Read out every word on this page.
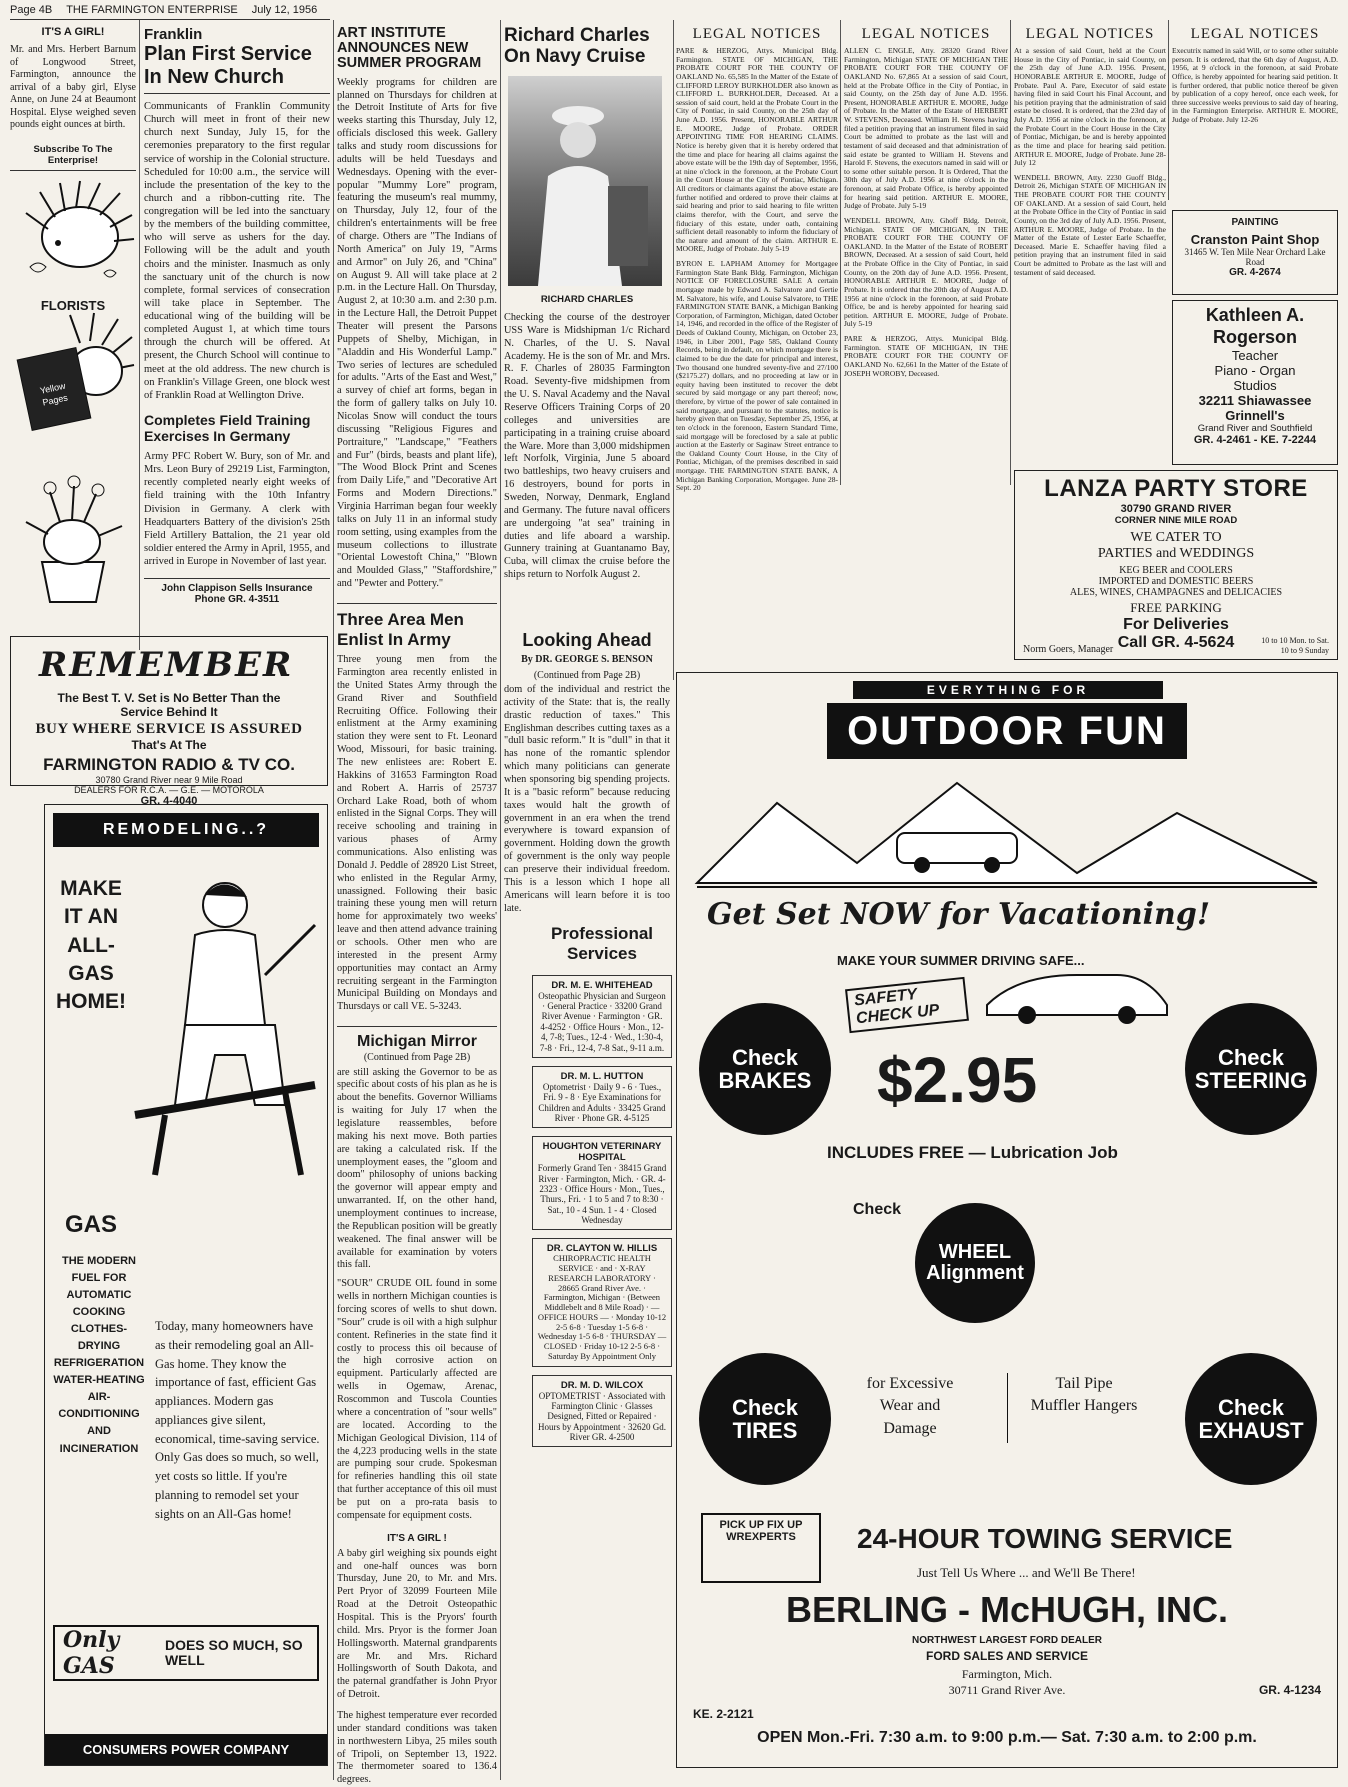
Page 4B THE FARMINGTON ENTERPRISE July 12, 1956
IT'S A GIRL!

Mr. and Mrs. Herbert Barnum of Longwood Street, Farmington, announce the arrival of a baby girl, Elyse Anne, on June 24 at Beaumont Hospital. Elyse weighed seven pounds eight ounces at birth.

Subscribe To The Enterprise!
FLORISTS
Yellow
Pages

Franklin
Plan First Service In New Church

Communicants of Franklin Community Church will meet in front of their new church next Sunday, July 15, for the ceremonies preparatory to the first regular service of worship in the Colonial structure. Scheduled for 10:00 a.m., the service will include the presentation of the key to the church and a ribbon-cutting rite. The congregation will be led into the sanctuary by the members of the building committee, who will serve as ushers for the day. Following will be the adult and youth choirs and the minister. Inasmuch as only the sanctuary unit of the church is now complete, formal services of consecration will take place in September. The educational wing of the building will be completed August 1, at which time tours through the church will be offered. At present, the Church School will continue to meet at the old address. The new church is on Franklin's Village Green, one block west of Franklin Road at Wellington Drive.

Completes Field Training Exercises In Germany

Army PFC Robert W. Bury, son of Mr. and Mrs. Leon Bury of 29219 List, Farmington, recently completed nearly eight weeks of field training with the 10th Infantry Division in Germany. A clerk with Headquarters Battery of the division's 25th Field Artillery Battalion, the 21 year old soldier entered the Army in April, 1955, and arrived in Europe in November of last year.

John Clappison Sells Insurance
Phone GR. 4-3511
REMEMBER
The Best T. V. Set is No Better Than the Service Behind It
BUY WHERE SERVICE IS ASSURED
That's At The
FARMINGTON RADIO & TV CO.
30780 Grand River near 9 Mile Road
DEALERS FOR R.C.A. — G.E. — MOTOROLA
GR. 4-4040
REMODELING..?
MAKE IT AN ALL-GAS HOME!
GAS
THE MODERN FUEL FOR AUTOMATIC COOKING CLOTHES-DRYING REFRIGERATION WATER-HEATING AIR-CONDITIONING AND INCINERATION

Today, many homeowners have as their remodeling goal an All-Gas home. They know the importance of fast, efficient Gas appliances. Modern gas appliances give silent, economical, time-saving service. Only Gas does so much, so well, yet costs so little. If you're planning to remodel set your sights on an All-Gas home!

Only GAS
DOES SO MUCH, SO WELL
CONSUMERS POWER COMPANY
ART INSTITUTE ANNOUNCES NEW SUMMER PROGRAM

Weekly programs for children are planned on Thursdays for children at the Detroit Institute of Arts for five weeks starting this Thursday, July 12, officials disclosed this week. Gallery talks and study room discussions for adults will be held Tuesdays and Wednesdays. Opening with the ever-popular "Mummy Lore" program, featuring the museum's real mummy, on Thursday, July 12, four of the children's entertainments will be free of charge. Others are "The Indians of North America" on July 19, "Arms and Armor" on July 26, and "China" on August 9. All will take place at 2 p.m. in the Lecture Hall. On Thursday, August 2, at 10:30 a.m. and 2:30 p.m. in the Lecture Hall, the Detroit Puppet Theater will present the Parsons Puppets of Shelby, Michigan, in "Aladdin and His Wonderful Lamp." Two series of lectures are scheduled for adults. "Arts of the East and West," a survey of chief art forms, began in the form of gallery talks on July 10. Nicolas Snow will conduct the tours discussing "Religious Figures and Portraiture," "Landscape," "Feathers and Fur" (birds, beasts and plant life), "The Wood Block Print and Scenes from Daily Life," and "Decorative Art Forms and Modern Directions." Virginia Harriman began four weekly talks on July 11 in an informal study room setting, using examples from the museum collections to illustrate "Oriental Lowestoft China," "Blown and Moulded Glass," "Staffordshire," and "Pewter and Pottery."

Three Area Men Enlist In Army

Three young men from the Farmington area recently enlisted in the United States Army through the Grand River and Southfield Recruiting Office. Following their enlistment at the Army examining station they were sent to Ft. Leonard Wood, Missouri, for basic training. The new enlistees are: Robert E. Hakkins of 31653 Farmington Road and Robert A. Harris of 25737 Orchard Lake Road, both of whom enlisted in the Signal Corps. They will receive schooling and training in various phases of Army communications. Also enlisting was Donald J. Peddle of 28920 List Street, who enlisted in the Regular Army, unassigned. Following their basic training these young men will return home for approximately two weeks' leave and then attend advance training or schools. Other men who are interested in the present Army opportunities may contact an Army recruiting sergeant in the Farmington Municipal Building on Mondays and Thursdays or call VE. 5-3243.

Michigan Mirror
(Continued from Page 2B)

are still asking the Governor to be as specific about costs of his plan as he is about the benefits. Governor Williams is waiting for July 17 when the legislature reassembles, before making his next move. Both parties are taking a calculated risk. If the unemployment eases, the "gloom and doom" philosophy of unions backing the governor will appear empty and unwarranted. If, on the other hand, unemployment continues to increase, the Republican position will be greatly weakened. The final answer will be available for examination by voters this fall.

"SOUR" CRUDE OIL found in some wells in northern Michigan counties is forcing scores of wells to shut down. "Sour" crude is oil with a high sulphur content. Refineries in the state find it costly to process this oil because of the high corrosive action on equipment. Particularly affected are wells in Ogemaw, Arenac, Roscommon and Tuscola Counties where a concentration of "sour wells" are located. According to the Michigan Geological Division, 114 of the 4,223 producing wells in the state are pumping sour crude. Spokesman for refineries handling this oil state that further acceptance of this oil must be put on a pro-rata basis to compensate for equipment costs.

IT'S A GIRL !

A baby girl weighing six pounds eight and one-half ounces was born Thursday, June 20, to Mr. and Mrs. Pert Pryor of 32099 Fourteen Mile Road at the Detroit Osteopathic Hospital. This is the Pryors' fourth child. Mrs. Pryor is the former Joan Hollingsworth. Maternal grandparents are Mr. and Mrs. Richard Hollingsworth of South Dakota, and the paternal grandfather is John Pryor of Detroit.

The highest temperature ever recorded under standard conditions was taken in northwestern Libya, 25 miles south of Tripoli, on September 13, 1922. The thermometer soared to 136.4 degrees.

Richard Charles On Navy Cruise
RICHARD CHARLES

Checking the course of the destroyer USS Ware is Midshipman 1/c Richard N. Charles, of the U. S. Naval Academy. He is the son of Mr. and Mrs. R. F. Charles of 28035 Farmington Road. Seventy-five midshipmen from the U. S. Naval Academy and the Naval Reserve Officers Training Corps of 20 colleges and universities are participating in a training cruise aboard the Ware. More than 3,000 midshipmen left Norfolk, Virginia, June 5 aboard two battleships, two heavy cruisers and 16 destroyers, bound for ports in Sweden, Norway, Denmark, England and Germany. The future naval officers are undergoing "at sea" training in duties and life aboard a warship. Gunnery training at Guantanamo Bay, Cuba, will climax the cruise before the ships return to Norfolk August 2.

Looking Ahead
By DR. GEORGE S. BENSON
(Continued from Page 2B)

dom of the individual and restrict the activity of the State: that is, the really drastic reduction of taxes." This Englishman describes cutting taxes as a "dull basic reform." It is "dull" in that it has none of the romantic splendor which many politicians can generate when sponsoring big spending projects. It is a "basic reform" because reducing taxes would halt the growth of government in an era when the trend everywhere is toward expansion of government. Holding down the growth of government is the only way people can preserve their individual freedom. This is a lesson which I hope all Americans will learn before it is too late.

Professional Services
DR. M. E. WHITEHEAD
Osteopathic Physician and Surgeon · General Practice · 33200 Grand River Avenue · Farmington · GR. 4-4252 · Office Hours · Mon., 12-4, 7-8; Tues., 12-4 · Wed., 1:30-4, 7-8 · Fri., 12-4, 7-8 Sat., 9-11 a.m.
DR. M. L. HUTTON
Optometrist · Daily 9 - 6 · Tues., Fri. 9 - 8 · Eye Examinations for Children and Adults · 33425 Grand River · Phone GR. 4-5125
HOUGHTON VETERINARY HOSPITAL
Formerly Grand Ten · 38415 Grand River · Farmington, Mich. · GR. 4-2323 · Office Hours · Mon., Tues., Thurs., Fri. · 1 to 5 and 7 to 8:30 · Sat., 10 - 4 Sun. 1 - 4 · Closed Wednesday
DR. CLAYTON W. HILLIS
CHIROPRACTIC HEALTH SERVICE · and · X-RAY RESEARCH LABORATORY · 28665 Grand River Ave. · Farmington, Michigan · (Between Middlebelt and 8 Mile Road) · — OFFICE HOURS — · Monday 10-12 2-5 6-8 · Tuesday 1-5 6-8 · Wednesday 1-5 6-8 · THURSDAY — CLOSED · Friday 10-12 2-5 6-8 · Saturday By Appointment Only
DR. M. D. WILCOX
OPTOMETRIST · Associated with Farmington Clinic · Glasses Designed, Fitted or Repaired · Hours by Appointment · 32620 Gd. River GR. 4-2500
LEGAL NOTICES

PARE & HERZOG, Attys. Municipal Bldg. Farmington. STATE OF MICHIGAN, THE PROBATE COURT FOR THE COUNTY OF OAKLAND No. 65,585 In the Matter of the Estate of CLIFFORD LEROY BURKHOLDER also known as CLIFFORD L. BURKHOLDER, Deceased. At a session of said court, held at the Probate Court in the City of Pontiac, in said County, on the 25th day of June A.D. 1956. Present, HONORABLE ARTHUR E. MOORE, Judge of Probate. ORDER APPOINTING TIME FOR HEARING CLAIMS. Notice is hereby given that it is hereby ordered that the time and place for hearing all claims against the above estate will be the 19th day of September, 1956, at nine o'clock in the forenoon, at the Probate Court in the Court House at the City of Pontiac, Michigan. All creditors or claimants against the above estate are further notified and ordered to prove their claims at said hearing and prior to said hearing to file written claims therefor, with the Court, and serve the fiduciary of this estate, under oath, containing sufficient detail reasonably to inform the fiduciary of the nature and amount of the claim. ARTHUR E. MOORE, Judge of Probate. July 5-19

BYRON E. LAPHAM Attorney for Mortgagee Farmington State Bank Bldg. Farmington, Michigan NOTICE OF FORECLOSURE SALE A certain mortgage made by Edward A. Salvatore and Gertie M. Salvatore, his wife, and Louise Salvatore, to THE FARMINGTON STATE BANK, a Michigan Banking Corporation, of Farmington, Michigan, dated October 14, 1946, and recorded in the office of the Register of Deeds of Oakland County, Michigan, on October 23, 1946, in Liber 2001, Page 585, Oakland County Records, being in default, on which mortgage there is claimed to be due the date for principal and interest, Two thousand one hundred seventy-five and 27/100 ($2175.27) dollars, and no proceeding at law or in equity having been instituted to recover the debt secured by said mortgage or any part thereof; now, therefore, by virtue of the power of sale contained in said mortgage, and pursuant to the statutes, notice is hereby given that on Tuesday, September 25, 1956, at ten o'clock in the forenoon, Eastern Standard Time, said mortgage will be foreclosed by a sale at public auction at the Easterly or Saginaw Street entrance to the Oakland County Court House, in the City of Pontiac, Michigan, of the premises described in said mortgage. THE FARMINGTON STATE BANK, A Michigan Banking Corporation, Mortgagee. June 28-Sept. 20

LEGAL NOTICES

ALLEN C. ENGLE, Atty. 28320 Grand River Farmington, Michigan STATE OF MICHIGAN THE PROBATE COURT FOR THE COUNTY OF OAKLAND No. 67,865 At a session of said Court, held at the Probate Office in the City of Pontiac, in said County, on the 25th day of June A.D. 1956. Present, HONORABLE ARTHUR E. MOORE, Judge of Probate. In the Matter of the Estate of HERBERT W. STEVENS, Deceased. William H. Stevens having filed a petition praying that an instrument filed in said Court be admitted to probate as the last will and testament of said deceased and that administration of said estate be granted to William H. Stevens and Harold F. Stevens, the executors named in said will or to some other suitable person. It is Ordered, That the 30th day of July A.D. 1956 at nine o'clock in the forenoon, at said Probate Office, is hereby appointed for hearing said petition. ARTHUR E. MOORE, Judge of Probate. July 5-19

WENDELL BROWN, Atty. Ghoff Bldg. Detroit, Michigan. STATE OF MICHIGAN, IN THE PROBATE COURT FOR THE COUNTY OF OAKLAND. In the Matter of the Estate of ROBERT BROWN, Deceased. At a session of said Court, held at the Probate Office in the City of Pontiac, in said County, on the 20th day of June A.D. 1956. Present, HONORABLE ARTHUR E. MOORE, Judge of Probate. It is ordered that the 20th day of August A.D. 1956 at nine o'clock in the forenoon, at said Probate Office, be and is hereby appointed for hearing said petition. ARTHUR E. MOORE, Judge of Probate. July 5-19

PARE & HERZOG, Attys. Municipal Bldg. Farmington. STATE OF MICHIGAN, IN THE PROBATE COURT FOR THE COUNTY OF OAKLAND No. 62,661 In the Matter of the Estate of JOSEPH WOROBY, Deceased.

LEGAL NOTICES

At a session of said Court, held at the Court House in the City of Pontiac, in said County, on the 25th day of June A.D. 1956. Present, HONORABLE ARTHUR E. MOORE, Judge of Probate. Paul A. Pare, Executor of said estate having filed in said Court his Final Account, and his petition praying that the administration of said estate be closed. It is ordered, that the 23rd day of July A.D. 1956 at nine o'clock in the forenoon, at the Probate Court in the Court House in the City of Pontiac, Michigan, be and is hereby appointed as the time and place for hearing said petition. ARTHUR E. MOORE, Judge of Probate. June 28-July 12

WENDELL BROWN, Atty. 2230 Guoff Bldg., Detroit 26, Michigan STATE OF MICHIGAN IN THE PROBATE COURT FOR THE COUNTY OF OAKLAND. At a session of said Court, held at the Probate Office in the City of Pontiac in said County, on the 3rd day of July A.D. 1956. Present, ARTHUR E. MOORE, Judge of Probate. In the Matter of the Estate of Lester Earle Schaeffer, Deceased. Marie E. Schaeffer having filed a petition praying that an instrument filed in said Court be admitted to Probate as the last will and testament of said deceased.

LEGAL NOTICES

Executrix named in said Will, or to some other suitable person. It is ordered, that the 6th day of August, A.D. 1956, at 9 o'clock in the forenoon, at said Probate Office, is hereby appointed for hearing said petition. It is further ordered, that public notice thereof be given by publication of a copy hereof, once each week, for three successive weeks previous to said day of hearing, in the Farmington Enterprise. ARTHUR E. MOORE, Judge of Probate. July 12-26

PAINTING
Cranston Paint Shop
31465 W. Ten Mile Near Orchard Lake Road
GR. 4-2674
Kathleen A. Rogerson
Teacher
Piano - Organ
Studios
32211 Shiawassee
Grinnell's
Grand River and Southfield
GR. 4-2461 - KE. 7-2244
LANZA PARTY STORE
30790 GRAND RIVER
CORNER NINE MILE ROAD
WE CATER TO
PARTIES and WEDDINGS
KEG BEER and COOLERS
IMPORTED and DOMESTIC BEERS
ALES, WINES, CHAMPAGNES and DELICACIES
FREE PARKING
For Deliveries
Call GR. 4-5624
Norm Goers, Manager
10 to 10 Mon. to Sat.
10 to 9 Sunday
EVERYTHING FOR
OUTDOOR FUN
Get Set NOW for Vacationing!
MAKE YOUR SUMMER DRIVING SAFE...
SAFETY CHECK UP
Check BRAKES
Check STEERING
$2.95
INCLUDES FREE — Lubrication Job
Check
WHEEL Alignment
Check TIRES
Check EXHAUST
for Excessive Wear and Damage
Tail Pipe Muffler Hangers
PICK UP FIX UP WREXPERTS	24-HOUR TOWING SERVICE
Just Tell Us Where ... and We'll Be There!
BERLING - McHUGH, INC.
NORTHWEST LARGEST FORD DEALER
FORD SALES AND SERVICE
Farmington, Mich.
30711 Grand River Ave.
KE. 2-2121
GR. 4-1234
OPEN Mon.-Fri. 7:30 a.m. to 9:00 p.m.— Sat. 7:30 a.m. to 2:00 p.m.
